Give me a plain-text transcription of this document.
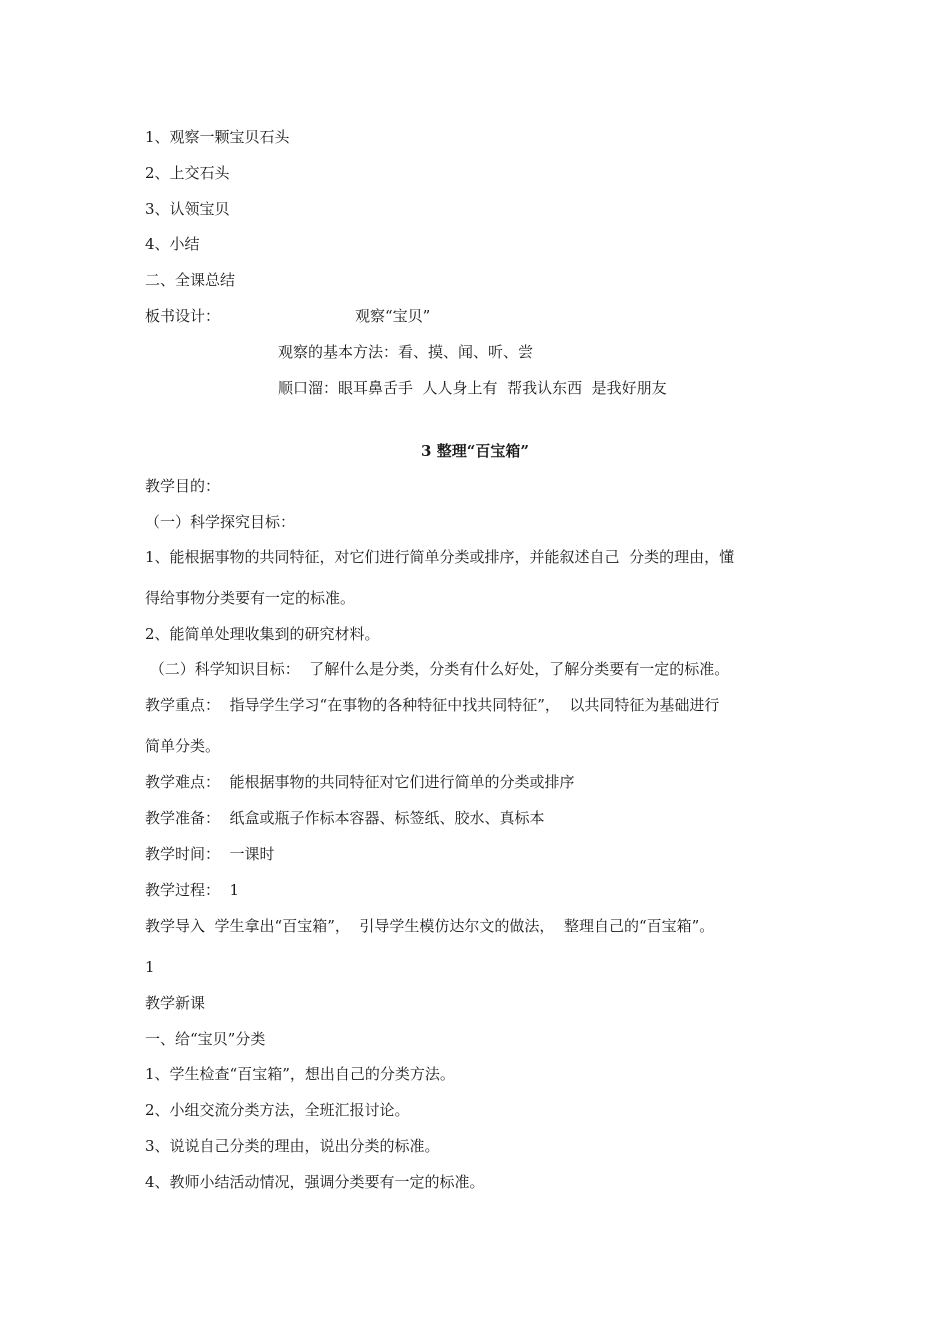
1、观察一颗宝贝石头
2、上交石头
3、认领宝贝
4、小结
二、全课总结
板书设计：	观察“宝贝”
观察的基本方法：看、摸、闻、听、尝
顺口溜：眼耳鼻舌手  人人身上有  帮我认东西  是我好朋友
3 整理“百宝箱”
教学目的：
（一）科学探究目标：
1、能根据事物的共同特征，对它们进行简单分类或排序，并能叙述自己  分类的理由，懂
得给事物分类要有一定的标准。
2、能简单处理收集到的研究材料。
（二）科学知识目标：  了解什么是分类，分类有什么好处，了解分类要有一定的标准。
教学重点：  指导学生学习“在事物的各种特征中找共同特征”，  以共同特征为基础进行
简单分类。
教学难点：  能根据事物的共同特征对它们进行简单的分类或排序
教学准备：  纸盒或瓶子作标本容器、标签纸、胶水、真标本
教学时间：  一课时
教学过程：  1
教学导入  学生拿出“百宝箱”，  引导学生模仿达尔文的做法，  整理自己的“百宝箱”。
1
教学新课
一、给“宝贝”分类
1、学生检查“百宝箱”，想出自己的分类方法。
2、小组交流分类方法，全班汇报讨论。
3、说说自己分类的理由，说出分类的标准。
4、教师小结活动情况，强调分类要有一定的标准。
